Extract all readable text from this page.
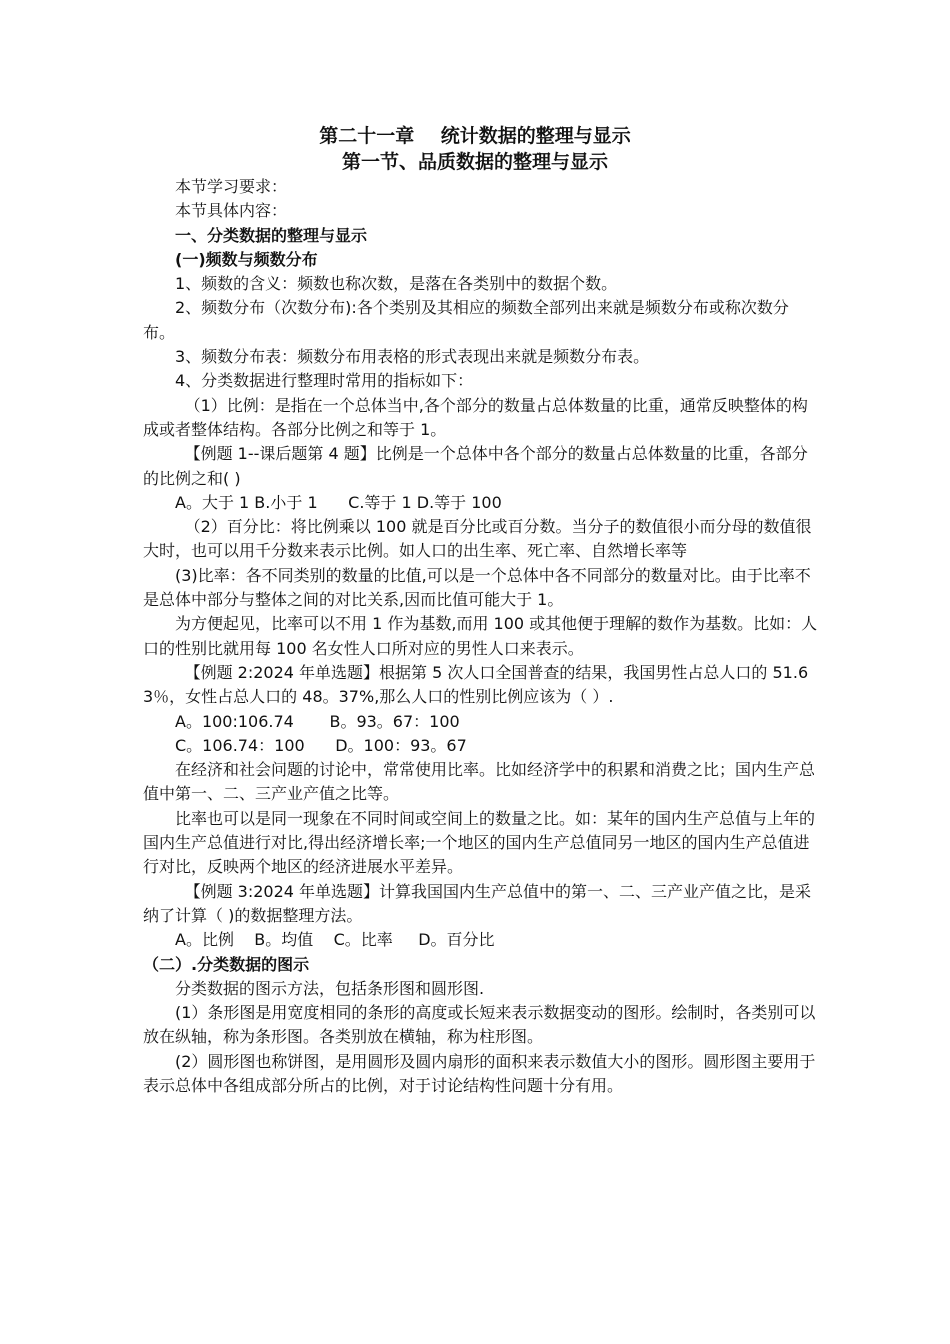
第二十一章    统计数据的整理与显示
第一节、品质数据的整理与显示

本节学习要求：

本节具体内容：

一、分类数据的整理与显示

(一)频数与频数分布

1、频数的含义：频数也称次数，是落在各类别中的数据个数。

2、频数分布（次数分布):各个类别及其相应的频数全部列出来就是频数分布或称次数分布。

3、频数分布表：频数分布用表格的形式表现出来就是频数分布表。

4、分类数据进行整理时常用的指标如下：

（1）比例：是指在一个总体当中,各个部分的数量占总体数量的比重，通常反映整体的构成或者整体结构。各部分比例之和等于 1。

【例题 1--课后题第 4 题】比例是一个总体中各个部分的数量占总体数量的比重，各部分的比例之和( )

A。大于 1 B.小于 1      C.等于 1 D.等于 100

（2）百分比：将比例乘以 100 就是百分比或百分数。当分子的数值很小而分母的数值很大时，也可以用千分数来表示比例。如人口的出生率、死亡率、自然增长率等

(3)比率：各不同类别的数量的比值,可以是一个总体中各不同部分的数量对比。由于比率不是总体中部分与整体之间的对比关系,因而比值可能大于 1。

为方便起见，比率可以不用 1 作为基数,而用 100 或其他便于理解的数作为基数。比如：人口的性别比就用每 100 名女性人口所对应的男性人口来表示。

【例题 2:2024 年单选题】根据第 5 次人口全国普查的结果，我国男性占总人口的 51.63％，女性占总人口的 48。37%,那么人口的性别比例应该为（ ）.

A。100:106.74       B。93。67：100

C。106.74：100      D。100：93。67

在经济和社会问题的讨论中，常常使用比率。比如经济学中的积累和消费之比；国内生产总值中第一、二、三产业产值之比等。

比率也可以是同一现象在不同时间或空间上的数量之比。如：某年的国内生产总值与上年的国内生产总值进行对比,得出经济增长率;一个地区的国内生产总值同另一地区的国内生产总值进行对比，反映两个地区的经济进展水平差异。

【例题 3:2024 年单选题】计算我国国内生产总值中的第一、二、三产业产值之比，是采纳了计算（ )的数据整理方法。

A。比例    B。均值    C。比率     D。百分比

（二）.分类数据的图示

分类数据的图示方法，包括条形图和圆形图.

(1）条形图是用宽度相同的条形的高度或长短来表示数据变动的图形。绘制时，各类别可以放在纵轴，称为条形图。各类别放在横轴，称为柱形图。

(2）圆形图也称饼图，是用圆形及圆内扇形的面积来表示数值大小的图形。圆形图主要用于表示总体中各组成部分所占的比例，对于讨论结构性问题十分有用。
